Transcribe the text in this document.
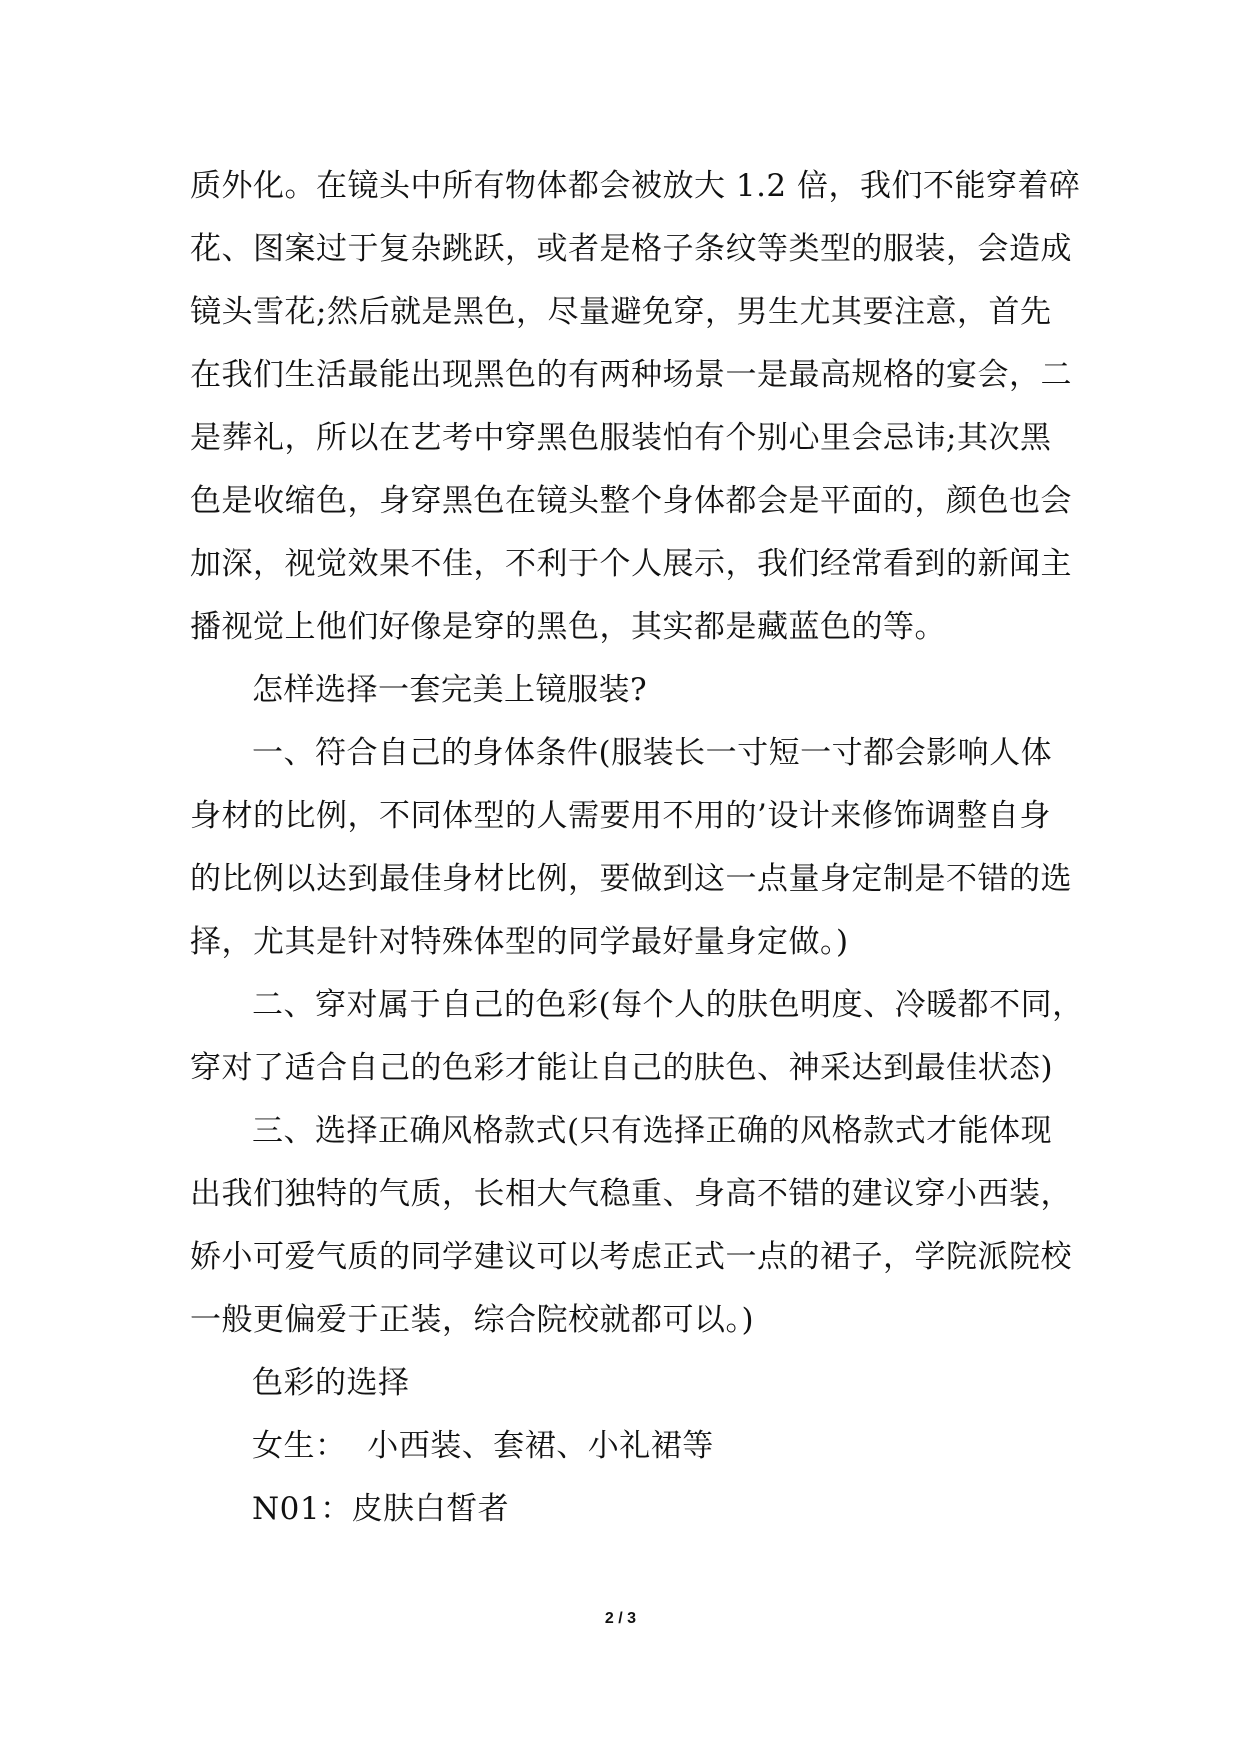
质外化。在镜头中所有物体都会被放大 1.2 倍，我们不能穿着碎
花、图案过于复杂跳跃，或者是格子条纹等类型的服装，会造成
镜头雪花;然后就是黑色，尽量避免穿，男生尤其要注意，首先
在我们生活最能出现黑色的有两种场景一是最高规格的宴会，二
是葬礼，所以在艺考中穿黑色服装怕有个别心里会忌讳;其次黑
色是收缩色，身穿黑色在镜头整个身体都会是平面的，颜色也会
加深，视觉效果不佳，不利于个人展示，我们经常看到的新闻主
播视觉上他们好像是穿的黑色，其实都是藏蓝色的等。
怎样选择一套完美上镜服装?
一、符合自己的身体条件(服装长一寸短一寸都会影响人体
身材的比例，不同体型的人需要用不用的’设计来修饰调整自身
的比例以达到最佳身材比例，要做到这一点量身定制是不错的选
择，尤其是针对特殊体型的同学最好量身定做。)
二、穿对属于自己的色彩(每个人的肤色明度、冷暖都不同，
穿对了适合自己的色彩才能让自己的肤色、神采达到最佳状态)
三、选择正确风格款式(只有选择正确的风格款式才能体现
出我们独特的气质，长相大气稳重、身高不错的建议穿小西装，
娇小可爱气质的同学建议可以考虑正式一点的裙子，学院派院校
一般更偏爱于正装，综合院校就都可以。)
色彩的选择
女生：  小西装、套裙、小礼裙等
N01：皮肤白皙者
2 / 3
